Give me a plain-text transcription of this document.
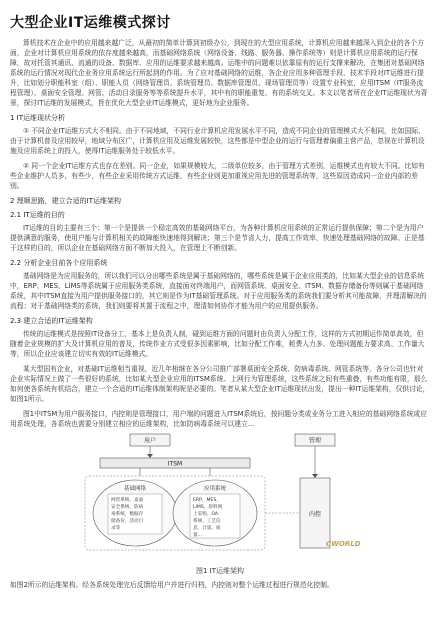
大型企业IT运维模式探讨

算机技术在企业中的应用越来越广泛，从最初的简单计算到初级办公，到现在的大型应用系统，计算机应用越来越深入到企业的各个方面，企业对计算机应用系统的依存度越来越高，而基础网络系统（网络设备、线路、服务器、操作系统等）则是计算机应用系统的运行保障，故对托管其通讯、流通的设备、数据库、应用的运维要求越来越高。运维中的问题难以依靠原有的运行支撑来解决，在集团对基础网络系统的运行情况对现代企业务应用系统运行所起到的作用。为了应对基础网络的运维，各企业应用多种管理手段、技术手段对IT运维进行提升，比如划分职能科室（组）、职能人员（网络管理员、系统管理员、数据库管理员、现场管理员等）设置专业科室，应用ITSM（IT服务流程管理）、桌面安全管理、网管、活动目录服务等等系统提升水平，其中有的职能重复、有的系统交叉。本文以笔者所在企业IT运维现状为背景，探讨IT运维的发展模式，旨在优化大型企业IT运维模式，更好地为企业服务。

1 IT运维现状分析

① 不同企业IT运维方式大不相同。由于不同地域，不同行业计算机应用发展水平不同，造成不同企业的管理模式大不相同，比如国际、由于计算机普及应用较早，地域分布区广，计算机应用及运维发展较快，这些都是中型企业的运行与管理着偏重主营产品，忽视在计算机设施及应用系统上的投入，使得IT运维服务处于较低水平。

② 同一个企业IT运维方式也存在差别。同一企业，如果规模较大，二级单位较多，由于管理方式差别，运维模式也有较大不同。比如有些企业维护人员多，有些少，有些企业采用传统方式运维，有些企业则更加重视应用先进的管理系统等，这些原因造成同一企业内部的差别。

2 理顺思路，建立合适的IT运维架构
2.1 IT运维的目的

IT运维的目的主要有三个：第一个是提供一个稳定高效的基础网络平台，为各种计算机应用系统的正常运行提供保障；第二个是为用户提供满意的服务，使用户能与计算机相关的故障能快速地得到解决；第三个是节省人力，提高工作效率，快速处理基础网络的故障。正是基于这样的目的，所以企业在基础网络方面不断加大投入，在管理上不断创新。

2.2 分析企业目前各个应用系统

基础网络是为应用服务的，所以我们可以分出哪些系统是属于基础网络的，哪些系统是属于企业应用类的，比如某大型企业的信息系统中，ERP、MES、LIMS等系统属于应用服务类系统，直接面对终端用户，而网管系统、桌面安全、ITSM、数据存储备份等则属于基础网络系统，其中ITSM直接为用户提供服务接口的，其它则是作为IT基础管理系统。对于应用服务类的系统我们要分析其可能故障，并理清解决的流程；对于基础网络类的系统，我们则要将其置于流程之中，理清如何协作才能为用户的应用提供服务。

2.3 建立合适的IT运维架构

传统的运维模式是按照IT设备分工，基本上是负责人制，碰到运维方面的问题时由负责人分配工作，这样的方式初期运作简单高效，但随着企业规模的扩大及计算机应用的普及，传统作业方式受很多因素影响，比如分配工作难，耗费人力多、处理问题能力要求高、工作量大等，所以企业应该建立切实有效的IT运维模式。

某大型国有企业，对基础IT运维相当重视，近几年相继在各分公司推广部署桌面安全系统、防病毒系统、网管系统等，各分公司也针对企业实际情况上做了一些很好的系统，比如某大型企业应用的ITSM系统、上网行为管理系统，这些系统之间有些重叠，有些功能有限，那么如何使各系统有机结合，建立一个合适的IT运维体制架构呢是必要的。笔者从某大型企业IT运维现状出发，提出一种IT运维架构，仅供讨论，如图1所示。

图1中ITSM为用户服务接口，内控则是管理接口，用户端的问题进入ITSM系统后，按问题分类或业务分工进入相应的基础网络系统或应用系统处理，各系统也需要分别建立相应的运维架构，比如防病毒系统可以建立...

用户	管理
ITSM
基础网络
网管系统、桌面
安全系统、防病
毒系统、数据存
储备份、活动目
录等
应用系统
ERP、MES、
LIMS、原料网
上采购、OA
系统、工艺信
息、计量、质
量...
内控
CWORLD
图1 IT运维架构
如图2所示的运维架构。经各系统处理完后反馈给用户并进行归档，内控则对整个运维过程进行规范化控制。
